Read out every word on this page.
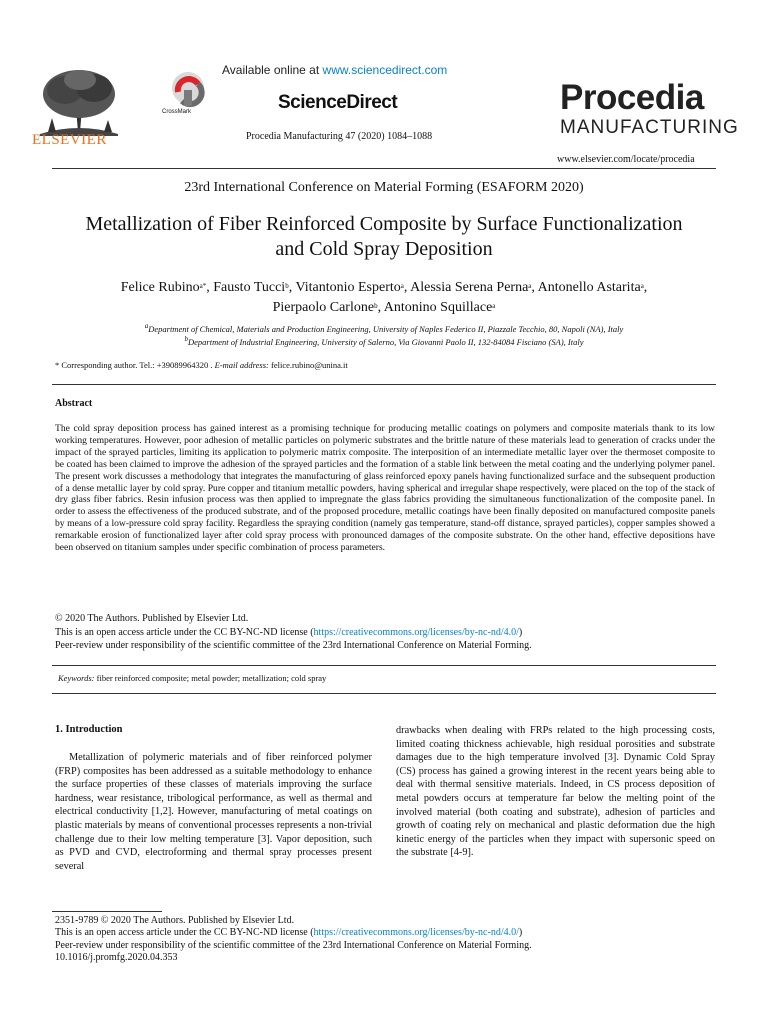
ELSEVIER
CrossMark
Available online at www.sciencedirect.com
ScienceDirect
Procedia Manufacturing 47 (2020) 1084–1088
Procedia
MANUFACTURING
www.elsevier.com/locate/procedia
23rd International Conference on Material Forming (ESAFORM 2020)
Metallization of Fiber Reinforced Composite by Surface Functionalization
and Cold Spray Deposition
Felice Rubino$^{a*}$, Fausto Tucci$^b$, Vitantonio Esperto$^a$, Alessia Serena Perna$^a$, Antonello Astarita$^a$,
Pierpaolo Carlone$^b$, Antonino Squillace$^a$
$^a$Department of Chemical, Materials and Production Engineering, University of Naples Federico II, Piazzale Tecchio, 80, Napoli (NA), Italy
$^b$Department of Industrial Engineering, University of Salerno, Via Giovanni Paolo II, 132-84084 Fisciano (SA), Italy
* Corresponding author. Tel.: +39089964320 . E-mail address: felice.rubino@unina.it
Abstract
The cold spray deposition process has gained interest as a promising technique for producing metallic coatings on polymers and composite materials thank to its low working temperatures. However, poor adhesion of metallic particles on polymeric substrates and the brittle nature of these materials lead to generation of cracks under the impact of the sprayed particles, limiting its application to polymeric matrix composite. The interposition of an intermediate metallic layer over the thermoset composite to be coated has been claimed to improve the adhesion of the sprayed particles and the formation of a stable link between the metal coating and the underlying polymer panel. The present work discusses a methodology that integrates the manufacturing of glass reinforced epoxy panels having functionalized surface and the subsequent production of a dense metallic layer by cold spray. Pure copper and titanium metallic powders, having spherical and irregular shape respectively, were placed on the top of the stack of dry glass fiber fabrics. Resin infusion process was then applied to impregnate the glass fabrics providing the simultaneous functionalization of the composite panel. In order to assess the effectiveness of the produced substrate, and of the proposed procedure, metallic coatings have been finally deposited on manufactured composite panels by means of a low-pressure cold spray facility. Regardless the spraying condition (namely gas temperature, stand-off distance, sprayed particles), copper samples showed a remarkable erosion of functionalized layer after cold spray process with pronounced damages of the composite substrate. On the other hand, effective depositions have been observed on titanium samples under specific combination of process parameters.
© 2020 The Authors. Published by Elsevier Ltd.
This is an open access article under the CC BY-NC-ND license (https://creativecommons.org/licenses/by-nc-nd/4.0/)
Peer-review under responsibility of the scientific committee of the 23rd International Conference on Material Forming.
Keywords: fiber reinforced composite; metal powder; metallization; cold spray
1. Introduction

Metallization of polymeric materials and of fiber reinforced polymer (FRP) composites has been addressed as a suitable methodology to enhance the surface properties of these classes of materials improving the surface hardness, wear resistance, tribological performance, as well as thermal and electrical conductivity [1,2]. However, manufacturing of metal coatings on plastic materials by means of conventional processes represents a non-trivial challenge due to their low melting temperature [3]. Vapor deposition, such as PVD and CVD, electroforming and thermal spray processes present several

drawbacks when dealing with FRPs related to the high processing costs, limited coating thickness achievable, high residual porosities and substrate damages due to the high temperature involved [3]. Dynamic Cold Spray (CS) process has gained a growing interest in the recent years being able to deal with thermal sensitive materials. Indeed, in CS process deposition of metal powders occurs at temperature far below the melting point of the involved material (both coating and substrate), adhesion of particles and growth of coating rely on mechanical and plastic deformation due the high kinetic energy of the particles when they impact with supersonic speed on the substrate [4-9].

2351-9789 © 2020 The Authors. Published by Elsevier Ltd.
This is an open access article under the CC BY-NC-ND license (https://creativecommons.org/licenses/by-nc-nd/4.0/)
Peer-review under responsibility of the scientific committee of the 23rd International Conference on Material Forming.
10.1016/j.promfg.2020.04.353
